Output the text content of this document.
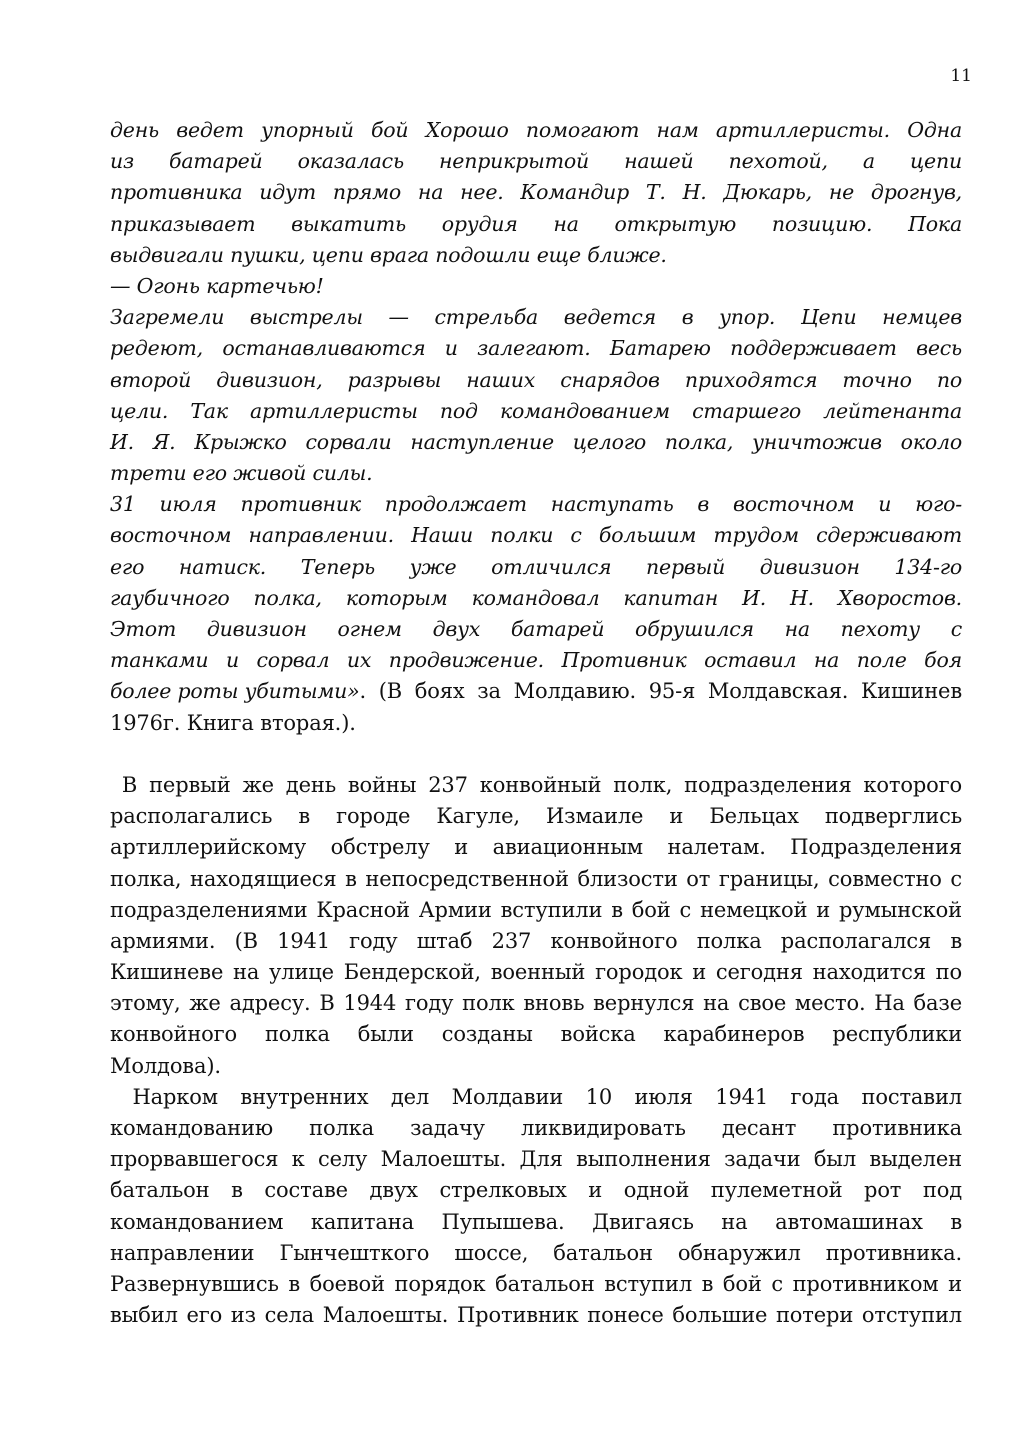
11
день ведет упорный бой Хорошо помогают нам артиллеристы. Одна
из батарей оказалась неприкрытой нашей пехотой, а цепи
противника идут прямо на нее. Командир Т. Н. Дюкарь, не дрогнув,
приказывает выкатить орудия на открытую позицию. Пока
выдвигали пушки, цепи врага подошли еще ближе.
— Огонь картечью!
Загремели выстрелы — стрельба ведется в упор. Цепи немцев
редеют, останавливаются и залегают. Батарею поддерживает весь
второй дивизион, разрывы наших снарядов приходятся точно по
цели. Так артиллеристы под командованием старшего лейтенанта
И. Я. Крыжко сорвали наступление целого полка, уничтожив около
трети его живой силы.
31 июля противник продолжает наступать в восточном и юго-
восточном направлении. Наши полки с большим трудом сдерживают
его натиск. Теперь уже отличился первый дивизион 134-го
гаубичного полка, которым командовал капитан И. Н. Хворостов.
Этот дивизион огнем двух батарей обрушился на пехоту с
танками и сорвал их продвижение. Противник оставил на поле боя
более роты убитыми» . (В боях за Молдавию. 95-я Молдавская. Кишинев
1976г. Книга вторая.).
В первый же день войны 237 конвойный полк, подразделения которого
располагались в городе Кагуле, Измаиле и Бельцах подверглись
артиллерийскому обстрелу и авиационным налетам. Подразделения
полка, находящиеся в непосредственной близости от границы, совместно с
подразделениями Красной Армии вступили в бой с немецкой и румынской
армиями. (В 1941 году штаб 237 конвойного полка располагался в
Кишиневе на улице Бендерской, военный городок и сегодня находится по
этому, же адресу. В 1944 году полк вновь вернулся на свое место. На базе
конвойного полка были созданы войска карабинеров республики
Молдова).
Нарком внутренних дел Молдавии 10 июля 1941 года поставил
командованию полка задачу ликвидировать десант противника
прорвавшегося к селу Малоешты. Для выполнения задачи был выделен
батальон в составе двух стрелковых и одной пулеметной рот под
командованием капитана Пупышева. Двигаясь на автомашинах в
направлении Гынчешткого шоссе, батальон обнаружил противника.
Развернувшись в боевой порядок батальон вступил в бой с противником и
выбил его из села Малоешты. Противник понесе большие потери отступил
